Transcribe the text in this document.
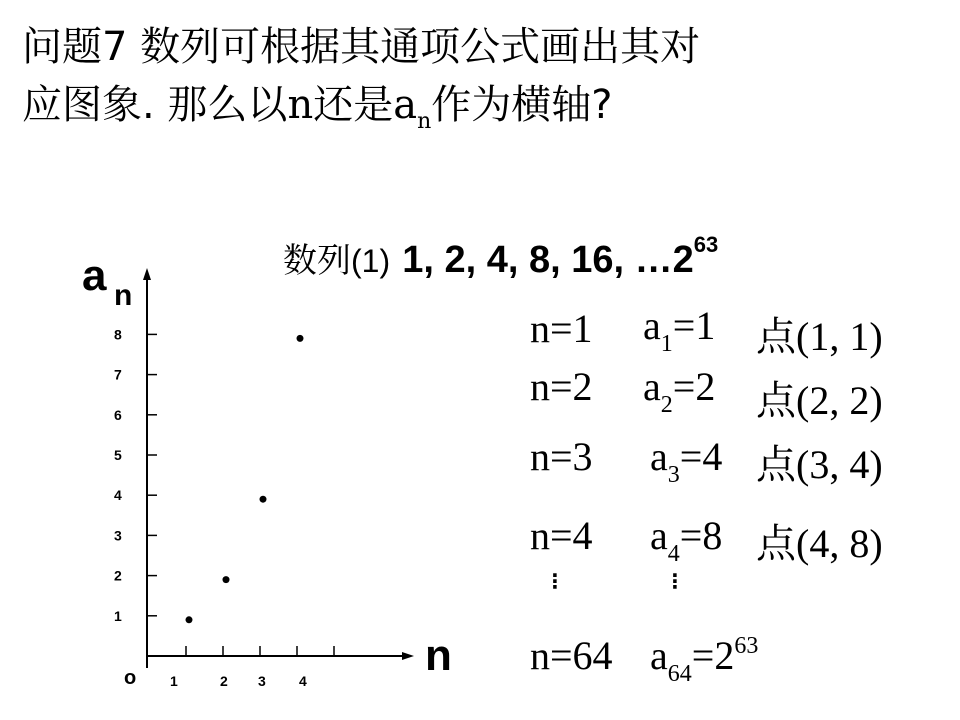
问题7 数列可根据其通项公式画出其对
应图象. 那么以n还是$a_n$作为横轴?
数列(1) 1, 2, 4, 8, 16, $\dots 2^{63}$
n=1 $a_1=1$ 点(1, 1)
n=2 $a_2=2$ 点(2, 2)
n=3 $a_3=4$ 点(3, 4)
n=4 $a_4=8$ 点(4, 8)
⋮	⋮
n=64 $a_{64}=2^{63}$
1
2
3
4
5
6
7
8
1	2 3 4
a n
n
o
